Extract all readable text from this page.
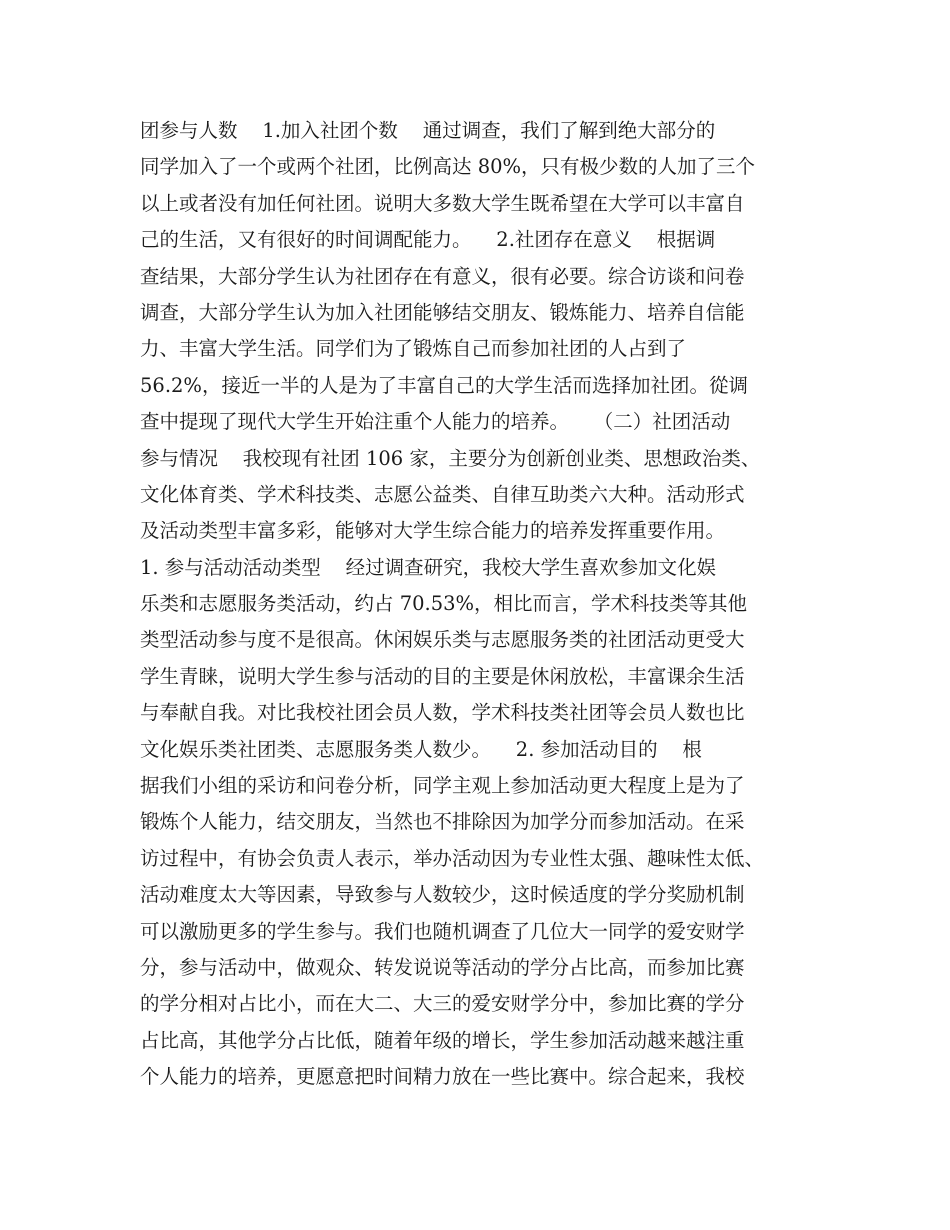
团参与人数    1.加入社团个数    通过调查，我们了解到绝大部分的
同学加入了一个或两个社团，比例高达 80%，只有极少数的人加了三个
以上或者没有加任何社团。说明大多数大学生既希望在大学可以丰富自
己的生活，又有很好的时间调配能力。    2.社团存在意义    根据调
查结果，大部分学生认为社团存在有意义，很有必要。综合访谈和问卷
调查，大部分学生认为加入社团能够结交朋友、锻炼能力、培养自信能
力、丰富大学生活。同学们为了锻炼自己而参加社团的人占到了
56.2%，接近一半的人是为了丰富自己的大学生活而选择加社团。從调
查中提现了现代大学生开始注重个人能力的培养。    （二）社团活动
参与情况    我校现有社团 106 家，主要分为创新创业类、思想政治类、
文化体育类、学术科技类、志愿公益类、自律互助类六大种。活动形式
及活动类型丰富多彩，能够对大学生综合能力的培养发挥重要作用。
1. 参与活动活动类型    经过调查研究，我校大学生喜欢参加文化娱
乐类和志愿服务类活动，约占 70.53%，相比而言，学术科技类等其他
类型活动参与度不是很高。休闲娱乐类与志愿服务类的社团活动更受大
学生青睐，说明大学生参与活动的目的主要是休闲放松，丰富课余生活
与奉献自我。对比我校社团会员人数，学术科技类社团等会员人数也比
文化娱乐类社团类、志愿服务类人数少。    2. 参加活动目的    根
据我们小组的采访和问卷分析，同学主观上参加活动更大程度上是为了
锻炼个人能力，结交朋友，当然也不排除因为加学分而参加活动。在采
访过程中，有协会负责人表示，举办活动因为专业性太强、趣味性太低、
活动难度太大等因素，导致参与人数较少，这时候适度的学分奖励机制
可以激励更多的学生参与。我们也随机调查了几位大一同学的爱安财学
分，参与活动中，做观众、转发说说等活动的学分占比高，而参加比赛
的学分相对占比小，而在大二、大三的爱安财学分中，参加比赛的学分
占比高，其他学分占比低，随着年级的增长，学生参加活动越来越注重
个人能力的培养，更愿意把时间精力放在一些比赛中。综合起来，我校
